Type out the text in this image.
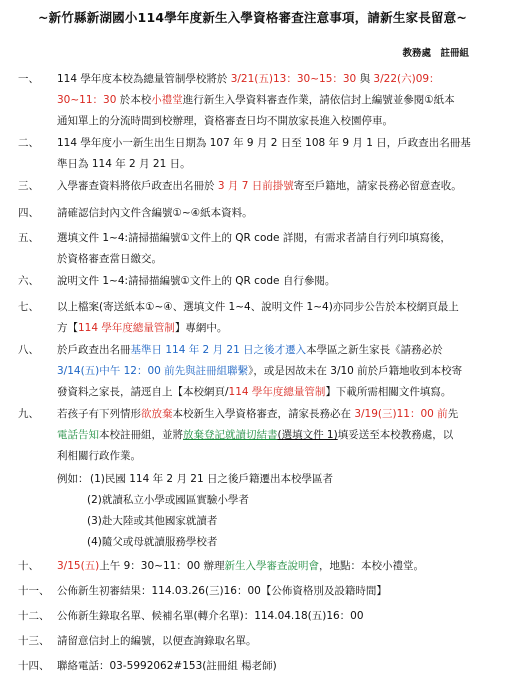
~新竹縣新湖國小114學年度新生入學資格審查注意事項，請新生家長留意~
教務處　註冊組
一、	114 學年度本校為總量管制學校將於 3/21(五)13：30~15：30 與 3/22(六)09：
30~11：30 於本校小禮堂進行新生入學資料審查作業，請依信封上編號並參閱①紙本
通知單上的分流時間到校辦理，資格審查日均不開放家長進入校園停車。
二、	114 學年度小一新生出生日期為 107 年 9 月 2 日至 108 年 9 月 1 日，戶政查出名冊基
準日為 114 年 2 月 21 日。
三、	入學審查資料將依戶政查出名冊於 3 月 7 日前掛號寄至戶籍地，請家長務必留意查收。
四、	請確認信封內文件含編號①~④紙本資料。
五、	選填文件 1~4:請掃描編號①文件上的 QR code 詳閱，有需求者請自行列印填寫後，
於資格審查當日繳交。
六、	說明文件 1~4:請掃描編號①文件上的 QR code 自行參閱。
七、	以上檔案(寄送紙本①~④、選填文件 1~4、說明文件 1~4)亦同步公告於本校網頁最上
方【114 學年度總量管制】專網中。
八、	於戶政查出名冊基準日 114 年 2 月 21 日之後才遷入本學區之新生家長《請務必於
3/14(五)中午 12：00 前先與註冊組聯繫》，或是因故未在 3/10 前於戶籍地收到本校寄
發資料之家長，請逕自上【本校網頁/114 學年度總量管制】下載所需相關文件填寫。
九、	若孩子有下列情形欲放棄本校新生入學資格審查，請家長務必在 3/19(三)11：00 前先
電話告知本校註冊組，並將放棄登記就讀切結書(選填文件 1)填妥送至本校教務處，以
利相關行政作業。
例如： (1)民國 114 年 2 月 21 日之後戶籍遷出本校學區者
(2)就讀私立小學或國區實驗小學者
(3)赴大陸或其他國家就讀者
(4)隨父或母就讀服務學校者
十、	3/15(五)上午 9：30~11：00 辦理新生入學審查說明會，地點：本校小禮堂。
十一、 公佈新生初審結果：114.03.26(三)16：00【公佈資格別及設籍時間】
十二、 公佈新生錄取名單、候補名單(轉介名單)：114.04.18(五)16：00
十三、 請留意信封上的編號，以便查詢錄取名單。
十四、 聯絡電話：03-5992062#153(註冊組 楊老師)
